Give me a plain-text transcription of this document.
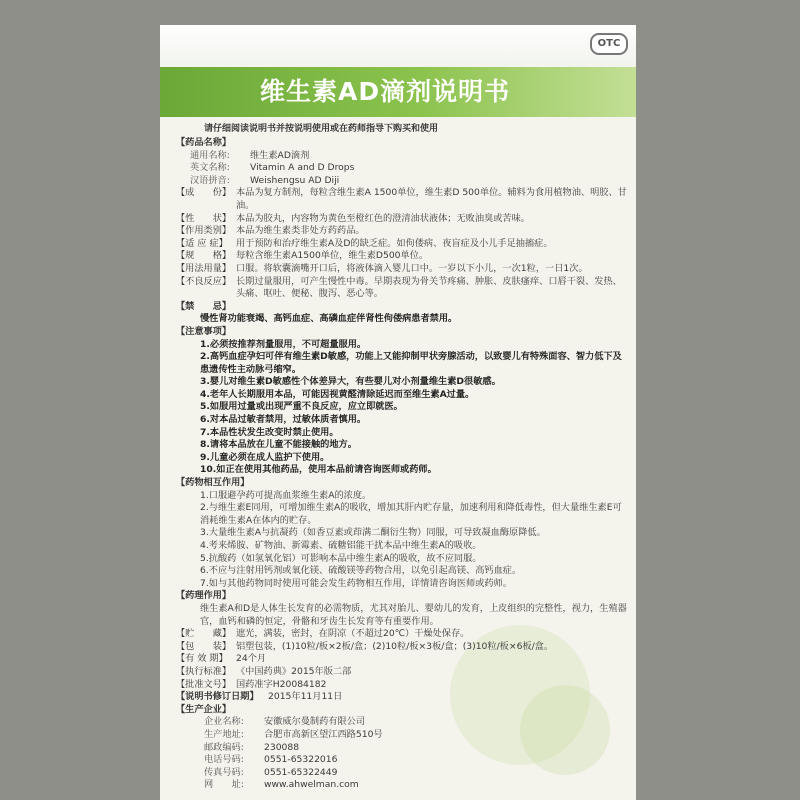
OTC
维生素AD滴剂说明书
请仔细阅读说明书并按说明使用或在药师指导下购买和使用
【药品名称】
通用名称:	维生素AD滴剂
英文名称:	Vitamin A and D Drops
汉语拼音:	Weishengsu AD Diji
【成　　份】 本品为复方制剂，每粒含维生素A 1500单位，维生素D 500单位。辅料为食用植物油、明胶、甘油。
【性　　状】 本品为胶丸，内容物为黄色至橙红色的澄清油状液体；无败油臭或苦味。
【作用类别】 本品为维生素类非处方药药品。
【适 应 症】 用于预防和治疗维生素A及D的缺乏症。如佝偻病、夜盲症及小儿手足抽搐症。
【规　　格】 每粒含维生素A1500单位，维生素D500单位。
【用法用量】 口服。将软囊滴嘴开口后，将液体滴入婴儿口中。一岁以下小儿，一次1粒，一日1次。
【不良反应】 长期过量服用，可产生慢性中毒。早期表现为骨关节疼痛、肿胀、皮肤瘙痒、口唇干裂、发热、头痛、呕吐、便秘、腹泻、恶心等。
【禁　　忌】
慢性肾功能衰竭、高钙血症、高磷血症伴肾性佝偻病患者禁用。
【注意事项】
1.必须按推荐剂量服用，不可超量服用。
2.高钙血症孕妇可伴有维生素D敏感，功能上又能抑制甲状旁腺活动，以致婴儿有特殊面容、智力低下及患遗传性主动脉弓缩窄。
3.婴儿对维生素D敏感性个体差异大，有些婴儿对小剂量维生素D很敏感。
4.老年人长期服用本品，可能因视黄醛清除延迟而至维生素A过量。
5.如服用过量或出现严重不良反应，应立即就医。
6.对本品过敏者禁用，过敏体质者慎用。
7.本品性状发生改变时禁止使用。
8.请将本品放在儿童不能接触的地方。
9.儿童必须在成人监护下使用。
10.如正在使用其他药品，使用本品前请咨询医师或药师。
【药物相互作用】
1.口服避孕药可提高血浆维生素A的浓度。
2.与维生素E同用，可增加维生素A的吸收，增加其肝内贮存量，加速利用和降低毒性，但大量维生素E可消耗维生素A在体内的贮存。
3.大量维生素A与抗凝药（如香豆素或茚满二酮衍生物）同服，可导致凝血酶原降低。
4.考来烯胺、矿物油、新霉素、硫糖铝能干扰本品中维生素A的吸收。
5.抗酸药（如氢氧化铝）可影响本品中维生素A的吸收，故不应同服。
6.不应与注射用钙剂或氧化镁、硫酸镁等药物合用，以免引起高镁、高钙血症。
7.如与其他药物同时使用可能会发生药物相互作用，详情请咨询医师或药师。
【药理作用】
维生素A和D是人体生长发育的必需物质，尤其对胎儿、婴幼儿的发育，上皮组织的完整性，视力，生殖器官，血钙和磷的恒定，骨骼和牙齿生长发育等有重要作用。
【贮　　藏】 遮光，满装，密封，在阴凉（不超过20℃）干燥处保存。
【包　　装】 铝塑包装，(1)10粒/板×2板/盒；(2)10粒/板×3板/盒；(3)10粒/板×6板/盒。
【有 效 期】 24个月
【执行标准】 《中国药典》2015年版二部
【批准文号】 国药准字H20084182
【说明书修订日期】	2015年11月11日
【生产企业】
企业名称:	安徽威尔曼制药有限公司
生产地址:	合肥市高新区望江西路510号
邮政编码:	230088
电话号码:	0551-65322016
传真号码:	0551-65322449
网　　址:	www.ahwelman.com
